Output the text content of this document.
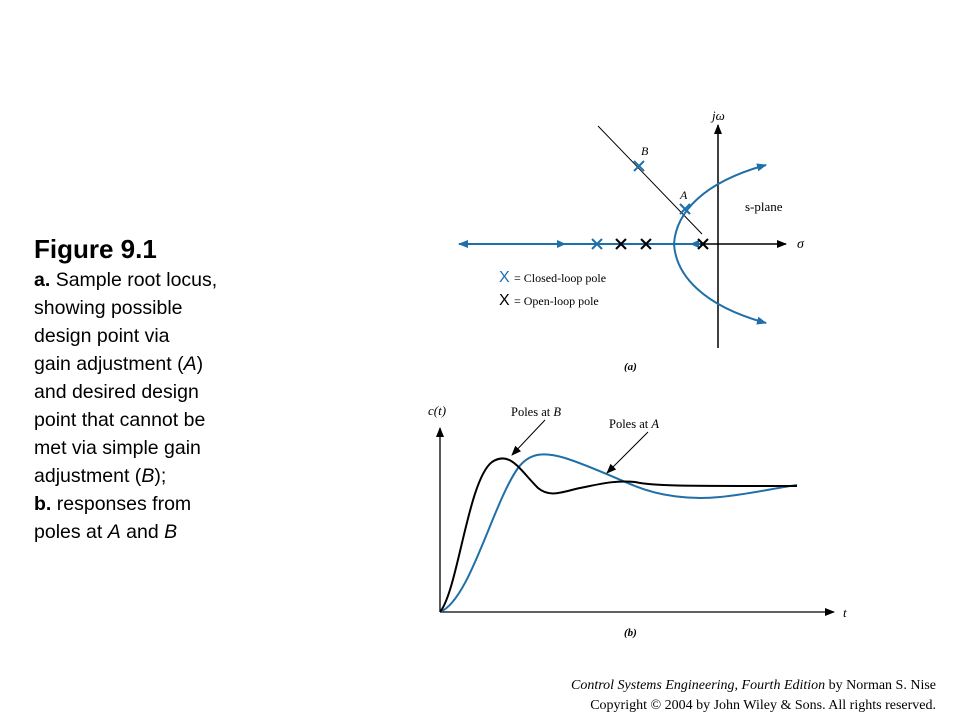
Figure 9.1
a. Sample root locus,
showing possible
design point via
gain adjustment (A)
and desired design
point that cannot be
met via simple gain
adjustment (B);
b. responses from
poles at A and B
jω
σ
s-plane
B
A
X = Closed-loop pole
X = Open-loop pole
(a)
c(t)
t
Poles at B
Poles at A
(b)
Control Systems Engineering, Fourth Edition by Norman S. Nise
Copyright © 2004 by John Wiley & Sons. All rights reserved.
